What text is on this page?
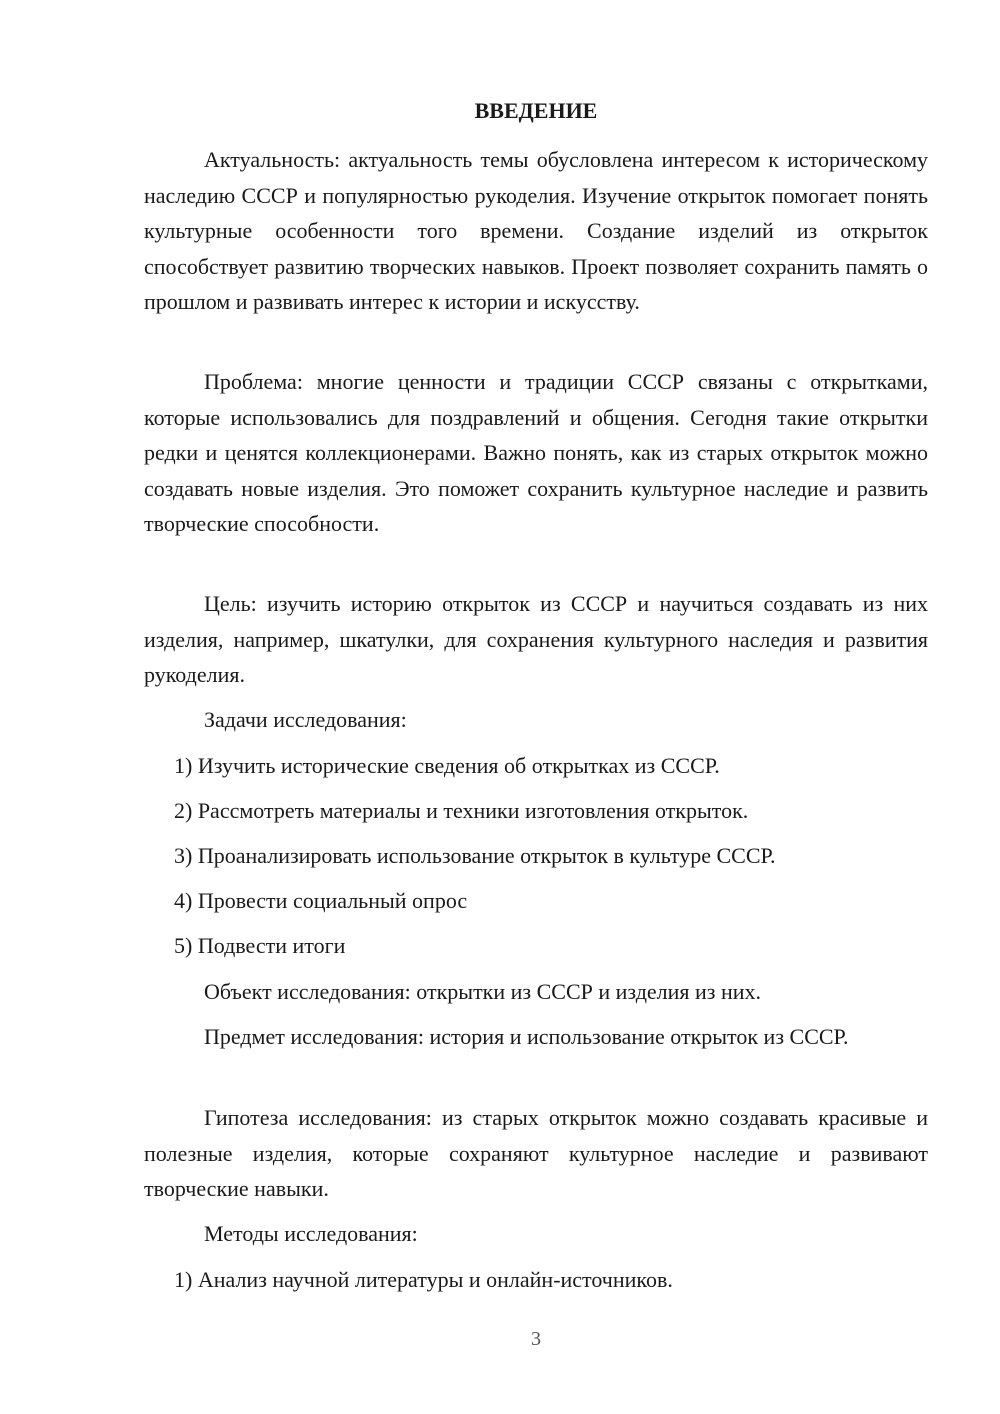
ВВЕДЕНИЕ

Актуальность: актуальность темы обусловлена интересом к историческому наследию СССР и популярностью рукоделия. Изучение открыток помогает понять культурные особенности того времени. Создание изделий из открыток способствует развитию творческих навыков. Проект позволяет сохранить память о прошлом и развивать интерес к истории и искусству.

Проблема: многие ценности и традиции СССР связаны с открытками, которые использовались для поздравлений и общения. Сегодня такие открытки редки и ценятся коллекционерами. Важно понять, как из старых открыток можно создавать новые изделия. Это поможет сохранить культурное наследие и развить творческие способности.

Цель: изучить историю открыток из СССР и научиться создавать из них изделия, например, шкатулки, для сохранения культурного наследия и развития рукоделия.

Задачи исследования:

1) Изучить исторические сведения об открытках из СССР.

2) Рассмотреть материалы и техники изготовления открыток.

3) Проанализировать использование открыток в культуре СССР.

4) Провести социальный опрос

5) Подвести итоги

Объект исследования: открытки из СССР и изделия из них.

Предмет исследования: история и использование открыток из СССР.

Гипотеза исследования: из старых открыток можно создавать красивые и полезные изделия, которые сохраняют культурное наследие и развивают творческие навыки.

Методы исследования:

1) Анализ научной литературы и онлайн-источников.

3
